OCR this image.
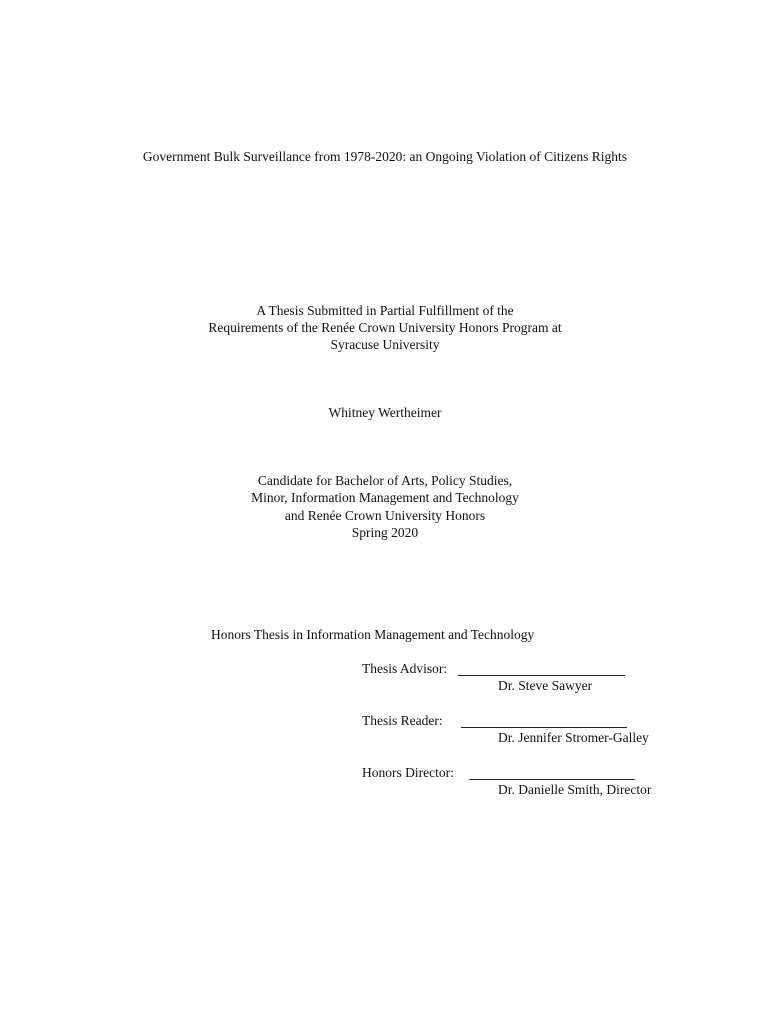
Government Bulk Surveillance from 1978-2020: an Ongoing Violation of Citizens Rights
A Thesis Submitted in Partial Fulfillment of the
Requirements of the Renée Crown University Honors Program at
Syracuse University
Whitney Wertheimer
Candidate for Bachelor of Arts, Policy Studies,
Minor, Information Management and Technology
and Renée Crown University Honors
Spring 2020
Honors Thesis in Information Management and Technology
Thesis Advisor:
Dr. Steve Sawyer
Thesis Reader:
Dr. Jennifer Stromer-Galley
Honors Director:
Dr. Danielle Smith, Director
